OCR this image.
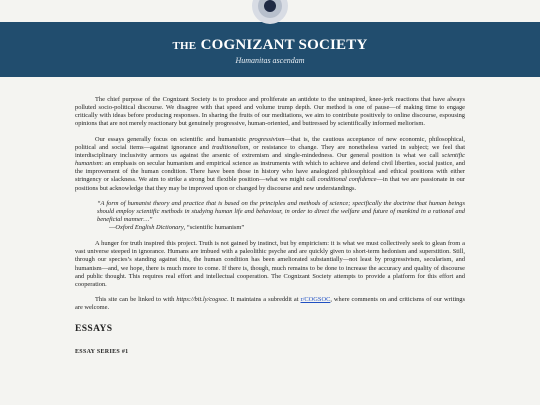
THE COGNIZANT SOCIETY
Humanitas ascendam

The chief purpose of the Cognizant Society is to produce and proliferate an antidote to the uninspired, knee-jerk reactions that have always polluted socio-political discourse. We disagree with that speed and volume trump depth. Our method is one of pause—of making time to engage critically with ideas before producing responses. In sharing the fruits of our meditations, we aim to contribute positively to online discourse, espousing opinions that are not merely reactionary but genuinely progressive, human-oriented, and buttressed by scientifically informed meliorism.

Our essays generally focus on scientific and humanistic progressivism—that is, the cautious acceptance of new economic, philosophical, political and social items—against ignorance and traditionalism, or resistance to change. They are nonetheless varied in subject; we feel that interdisciplinary inclusivity armors us against the arsenic of extremism and single-mindedness. Our general position is what we call scientific humanism: an emphasis on secular humanism and empirical science as instruments with which to achieve and defend civil liberties, social justice, and the improvement of the human condition. There have been those in history who have analogized philosophical and ethical positions with either stringency or slackness. We aim to strike a strong but flexible position—what we might call conditional confidence—in that we are passionate in our positions but acknowledge that they may be improved upon or changed by discourse and new understandings.

“A form of humanist theory and practice that is based on the principles and methods of science; specifically the doctrine that human beings should employ scientific methods in studying human life and behaviour, in order to direct the welfare and future of mankind in a rational and beneficial manner…”
—Oxford English Dictionary, “scientific humanism”

A hunger for truth inspired this project. Truth is not gained by instinct, but by empiricism: it is what we must collectively seek to glean from a vast universe steeped in ignorance. Humans are imbued with a paleolithic psyche and are quickly given to short-term hedonism and superstition. Still, through our species’s standing against this, the human condition has been ameliorated substantially—not least by progressivism, secularism, and humanism—and, we hope, there is much more to come. If there is, though, much remains to be done to increase the accuracy and quality of discourse and public thought. This requires real effort and intellectual cooperation. The Cognizant Society attempts to provide a platform for this effort and cooperation.

This site can be linked to with https://bit.ly/cogsoc. It maintains a subreddit at r/COGSOC, where comments on and criticisms of our writings are welcome.

ESSAYS
ESSAY SERIES #1
